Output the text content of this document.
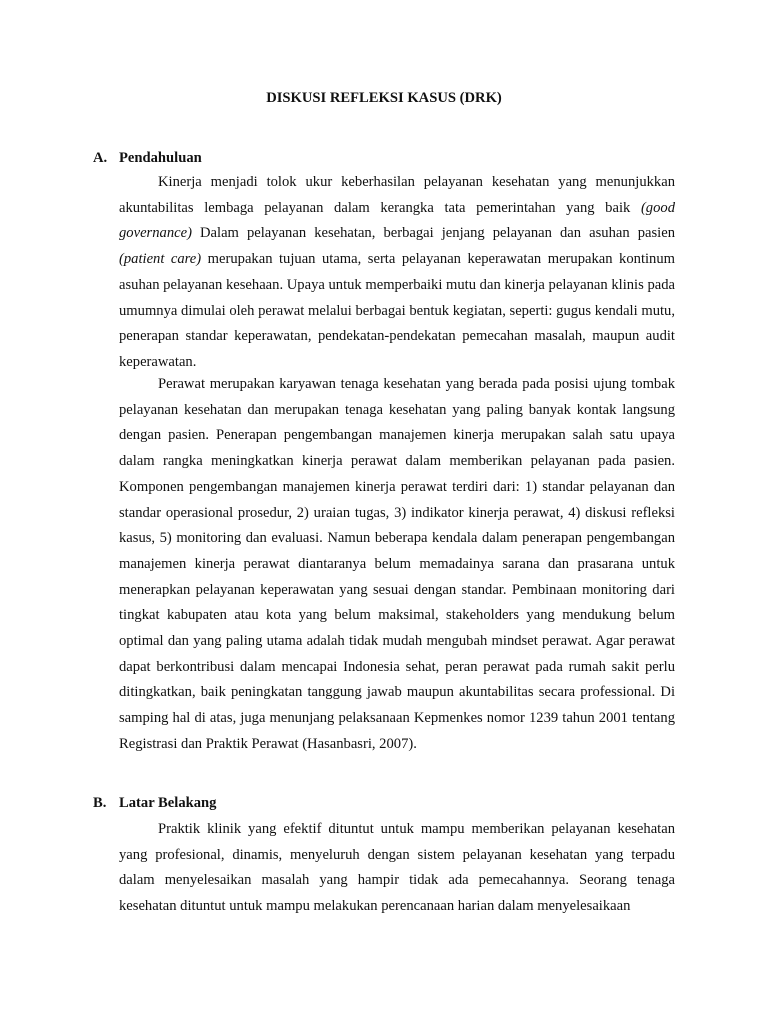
DISKUSI REFLEKSI KASUS (DRK)
A. Pendahuluan

Kinerja menjadi tolok ukur keberhasilan pelayanan kesehatan yang menunjukkan akuntabilitas lembaga pelayanan dalam kerangka tata pemerintahan yang baik (good governance) Dalam pelayanan kesehatan, berbagai jenjang pelayanan dan asuhan pasien (patient care) merupakan tujuan utama, serta pelayanan keperawatan merupakan kontinum asuhan pelayanan kesehaan. Upaya untuk memperbaiki mutu dan kinerja pelayanan klinis pada umumnya dimulai oleh perawat melalui berbagai bentuk kegiatan, seperti: gugus kendali mutu, penerapan standar keperawatan, pendekatan-pendekatan pemecahan masalah, maupun audit keperawatan.

Perawat merupakan karyawan tenaga kesehatan yang berada pada posisi ujung tombak pelayanan kesehatan dan merupakan tenaga kesehatan yang paling banyak kontak langsung dengan pasien. Penerapan pengembangan manajemen kinerja merupakan salah satu upaya dalam rangka meningkatkan kinerja perawat dalam memberikan pelayanan pada pasien. Komponen pengembangan manajemen kinerja perawat terdiri dari: 1) standar pelayanan dan standar operasional prosedur, 2) uraian tugas, 3) indikator kinerja perawat, 4) diskusi refleksi kasus, 5) monitoring dan evaluasi. Namun beberapa kendala dalam penerapan pengembangan manajemen kinerja perawat diantaranya belum memadainya sarana dan prasarana untuk menerapkan pelayanan keperawatan yang sesuai dengan standar. Pembinaan monitoring dari tingkat kabupaten atau kota yang belum maksimal, stakeholders yang mendukung belum optimal dan yang paling utama adalah tidak mudah mengubah mindset perawat. Agar perawat dapat berkontribusi dalam mencapai Indonesia sehat, peran perawat pada rumah sakit perlu ditingkatkan, baik peningkatan tanggung jawab maupun akuntabilitas secara professional. Di samping hal di atas, juga menunjang pelaksanaan Kepmenkes nomor 1239 tahun 2001 tentang Registrasi dan Praktik Perawat (Hasanbasri, 2007).

B. Latar Belakang

Praktik klinik yang efektif dituntut untuk mampu memberikan pelayanan kesehatan yang profesional, dinamis, menyeluruh dengan sistem pelayanan kesehatan yang terpadu dalam menyelesaikan masalah yang hampir tidak ada pemecahannya. Seorang tenaga kesehatan dituntut untuk mampu melakukan perencanaan harian dalam menyelesaikaan
